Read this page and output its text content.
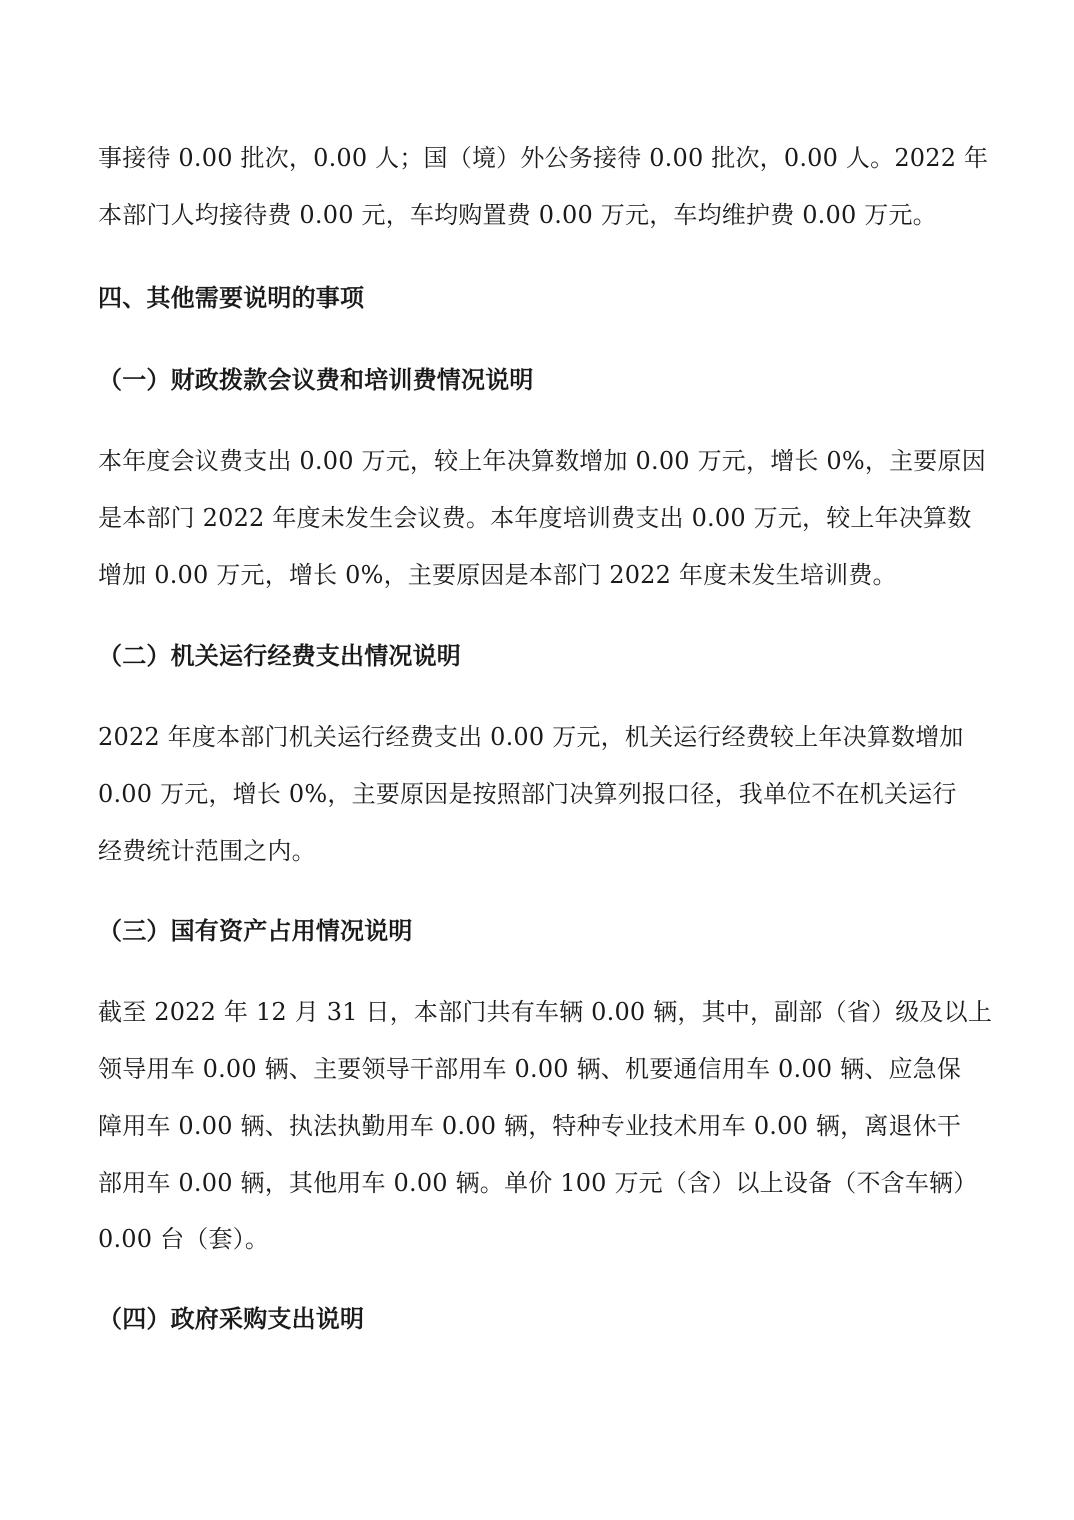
事接待 0.00 批次，0.00 人；国（境）外公务接待 0.00 批次，0.00 人。2022 年
本部门人均接待费 0.00 元，车均购置费 0.00 万元，车均维护费 0.00 万元。
四、其他需要说明的事项
（一）财政拨款会议费和培训费情况说明
本年度会议费支出 0.00 万元，较上年决算数增加 0.00 万元，增长 0%，主要原因
是本部门 2022 年度未发生会议费。本年度培训费支出 0.00 万元，较上年决算数
增加 0.00 万元，增长 0%，主要原因是本部门 2022 年度未发生培训费。
（二）机关运行经费支出情况说明
2022 年度本部门机关运行经费支出 0.00 万元，机关运行经费较上年决算数增加
0.00 万元，增长 0%，主要原因是按照部门决算列报口径，我单位不在机关运行
经费统计范围之内。
（三）国有资产占用情况说明
截至 2022 年 12 月 31 日，本部门共有车辆 0.00 辆，其中，副部（省）级及以上
领导用车 0.00 辆、主要领导干部用车 0.00 辆、机要通信用车 0.00 辆、应急保
障用车 0.00 辆、执法执勤用车 0.00 辆，特种专业技术用车 0.00 辆，离退休干
部用车 0.00 辆，其他用车 0.00 辆。单价 100 万元（含）以上设备（不含车辆）
0.00 台（套）。
（四）政府采购支出说明
